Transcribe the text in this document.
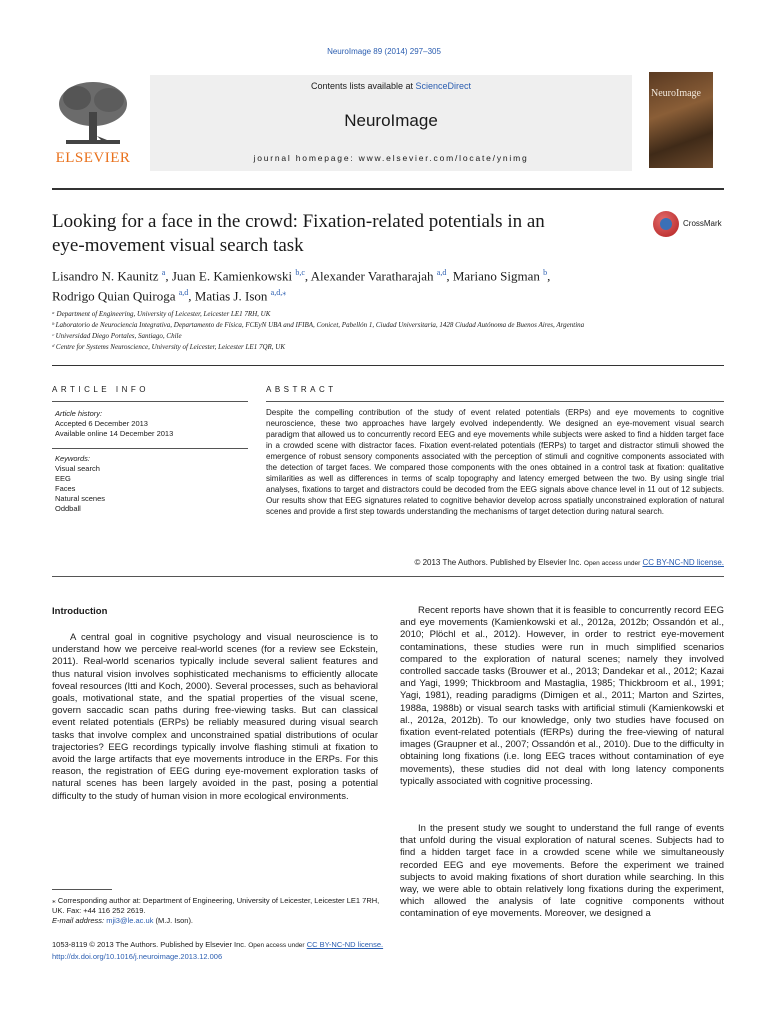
NeuroImage 89 (2014) 297–305
ELSEVIER
Contents lists available at ScienceDirect
NeuroImage
journal homepage: www.elsevier.com/locate/ynimg
NeuroImage
Looking for a face in the crowd: Fixation-related potentials in an
eye-movement visual search task
CrossMark
Lisandro N. Kaunitz $^a$, Juan E. Kamienkowski $^{b,c}$, Alexander Varatharajah $^{a,d}$, Mariano Sigman $^b$,
Rodrigo Quian Quiroga $^{a,d}$, Matias J. Ison $^{a,d,⁎}$
ᵃ Department of Engineering, University of Leicester, Leicester LE1 7RH, UK
ᵇ Laboratorio de Neurociencia Integrativa, Departamento de Física, FCEyN UBA and IFIBA, Conicet, Pabellón 1, Ciudad Universitaria, 1428 Ciudad Autónoma de Buenos Aires, Argentina
ᶜ Universidad Diego Portales, Santiago, Chile
ᵈ Centre for Systems Neuroscience, University of Leicester, Leicester LE1 7QR, UK
ARTICLE INFO
Article history:
Accepted 6 December 2013
Available online 14 December 2013
Keywords:
Visual search
EEG
Faces
Natural scenes
Oddball
ABSTRACT
Despite the compelling contribution of the study of event related potentials (ERPs) and eye movements to cognitive neuroscience, these two approaches have largely evolved independently. We designed an eye-movement visual search paradigm that allowed us to concurrently record EEG and eye movements while subjects were asked to find a hidden target face in a crowded scene with distractor faces. Fixation event-related potentials (fERPs) to target and distractor stimuli showed the emergence of robust sensory components associated with the perception of stimuli and cognitive components associated with the detection of target faces. We compared those components with the ones obtained in a control task at fixation: qualitative similarities as well as differences in terms of scalp topography and latency emerged between the two. By using single trial analyses, fixations to target and distractors could be decoded from the EEG signals above chance level in 11 out of 12 subjects. Our results show that EEG signatures related to cognitive behavior develop across spatially unconstrained exploration of natural scenes and provide a first step towards understanding the mechanisms of target detection during natural search.
© 2013 The Authors. Published by Elsevier Inc. Open access under CC BY-NC-ND license.
Introduction
A central goal in cognitive psychology and visual neuroscience is to understand how we perceive real-world scenes (for a review see Eckstein, 2011). Real-world scenarios typically include several salient features and thus natural vision involves sophisticated mechanisms to efficiently allocate foveal resources (Itti and Koch, 2000). Several processes, such as behavioral goals, motivational state, and the spatial properties of the visual scene, govern saccadic scan paths during free-viewing tasks. But can classical event related potentials (ERPs) be reliably measured during visual search tasks that involve complex and unconstrained spatial distributions of ocular trajectories? EEG recordings typically involve flashing stimuli at fixation to avoid the large artifacts that eye movements introduce in the ERPs. For this reason, the registration of EEG during eye-movement exploration tasks of natural scenes has been largely avoided in the past, posing a potential difficulty to the study of human vision in more ecological environments.
Recent reports have shown that it is feasible to concurrently record EEG and eye movements (Kamienkowski et al., 2012a, 2012b; Ossandón et al., 2010; Plöchl et al., 2012). However, in order to restrict eye-movement contaminations, these studies were run in much simplified scenarios compared to the exploration of natural scenes; namely they involved controlled saccade tasks (Brouwer et al., 2013; Dandekar et al., 2012; Kazai and Yagi, 1999; Thickbroom and Mastaglia, 1985; Thickbroom et al., 1991; Yagi, 1981), reading paradigms (Dimigen et al., 2011; Marton and Szirtes, 1988a, 1988b) or visual search tasks with artificial stimuli (Kamienkowski et al., 2012a, 2012b). To our knowledge, only two studies have focused on fixation event-related potentials (fERPs) during the free-viewing of natural images (Graupner et al., 2007; Ossandón et al., 2010). Due to the difficulty in obtaining long fixations (i.e. long EEG traces without contamination of eye movements), these studies did not deal with long latency components typically associated with cognitive processing.
In the present study we sought to understand the full range of events that unfold during the visual exploration of natural scenes. Subjects had to find a hidden target face in a crowded scene while we simultaneously recorded EEG and eye movements. Before the experiment we trained subjects to avoid making fixations of short duration while searching. In this way, we were able to obtain relatively long fixations during the experiment, which allowed the analysis of late cognitive components without contamination of eye movements. Moreover, we designed a
⁎ Corresponding author at: Department of Engineering, University of Leicester, Leicester LE1 7RH, UK. Fax: +44 116 252 2619.
E-mail address: mji3@le.ac.uk (M.J. Ison).
1053-8119 © 2013 The Authors. Published by Elsevier Inc. Open access under CC BY-NC-ND license.
http://dx.doi.org/10.1016/j.neuroimage.2013.12.006
